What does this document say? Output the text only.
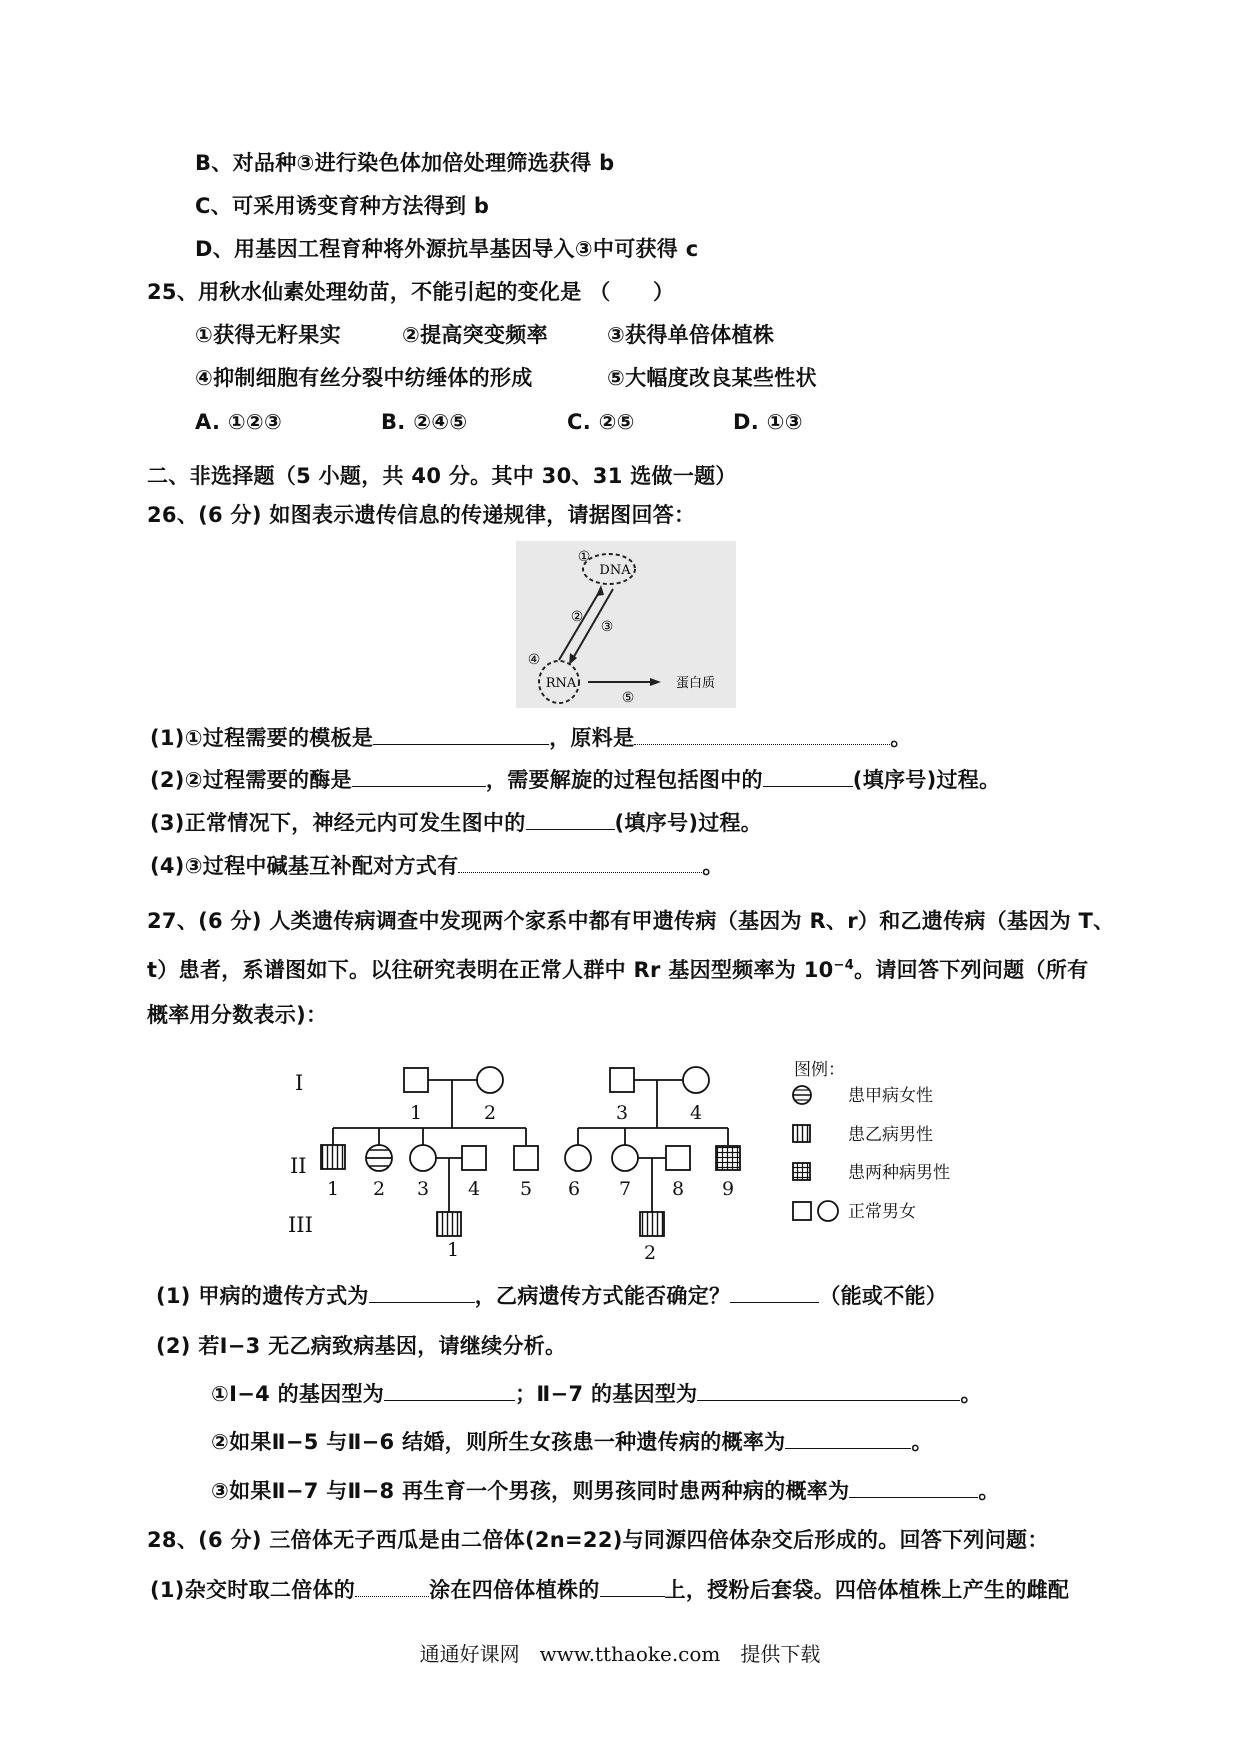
B、对品种③进行染色体加倍处理筛选获得 b
C、可采用诱变育种方法得到 b
D、用基因工程育种将外源抗旱基因导入③中可获得 c
25、用秋水仙素处理幼苗，不能引起的变化是 （　　）
①获得无籽果实	②提高突变频率	③获得单倍体植株
④抑制细胞有丝分裂中纺缍体的形成	⑤大幅度改良某些性状
A. ①②③	B. ②④⑤	C. ②⑤	D. ①③
二、非选择题（5 小题，共 40 分。其中 30、31 选做一题）
26、(6 分) 如图表示遗传信息的传递规律，请据图回答：
DNA
①
②
③
④
RNA	蛋白质
⑤
(1)①过程需要的模板是	，原料是	。
(2)②过程需要的酶是	，需要解旋的过程包括图中的	(填序号)过程。
(3)正常情况下，神经元内可发生图中的	(填序号)过程。
(4)③过程中碱基互补配对方式有	。
27、(6 分) 人类遗传病调查中发现两个家系中都有甲遗传病（基因为 R、r）和乙遗传病（基因为 T、
t）患者，系谱图如下。以往研究表明在正常人群中 Rr 基因型频率为 $10^{-4}$。请回答下列问题（所有
概率用分数表示)：
I
II
III
1	2	3	4
1 2 3 4 5 6 7 8 9
1	2
图例：
患甲病女性
患乙病男性
患两种病男性
正常男女
(1) 甲病的遗传方式为	，乙病遗传方式能否确定？	（能或不能）
(2) 若Ⅰ−3 无乙病致病基因，请继续分析。
①Ⅰ−4 的基因型为	；Ⅱ−7 的基因型为	。
②如果Ⅱ−5 与Ⅱ−6 结婚，则所生女孩患一种遗传病的概率为	。
③如果Ⅱ−7 与Ⅱ−8 再生育一个男孩，则男孩同时患两种病的概率为	。
28、(6 分) 三倍体无子西瓜是由二倍体(2n=22)与同源四倍体杂交后形成的。回答下列问题：
(1)杂交时取二倍体的	涂在四倍体植株的	上，授粉后套袋。四倍体植株上产生的雌配
通通好课网　www.tthaoke.com　提供下载
